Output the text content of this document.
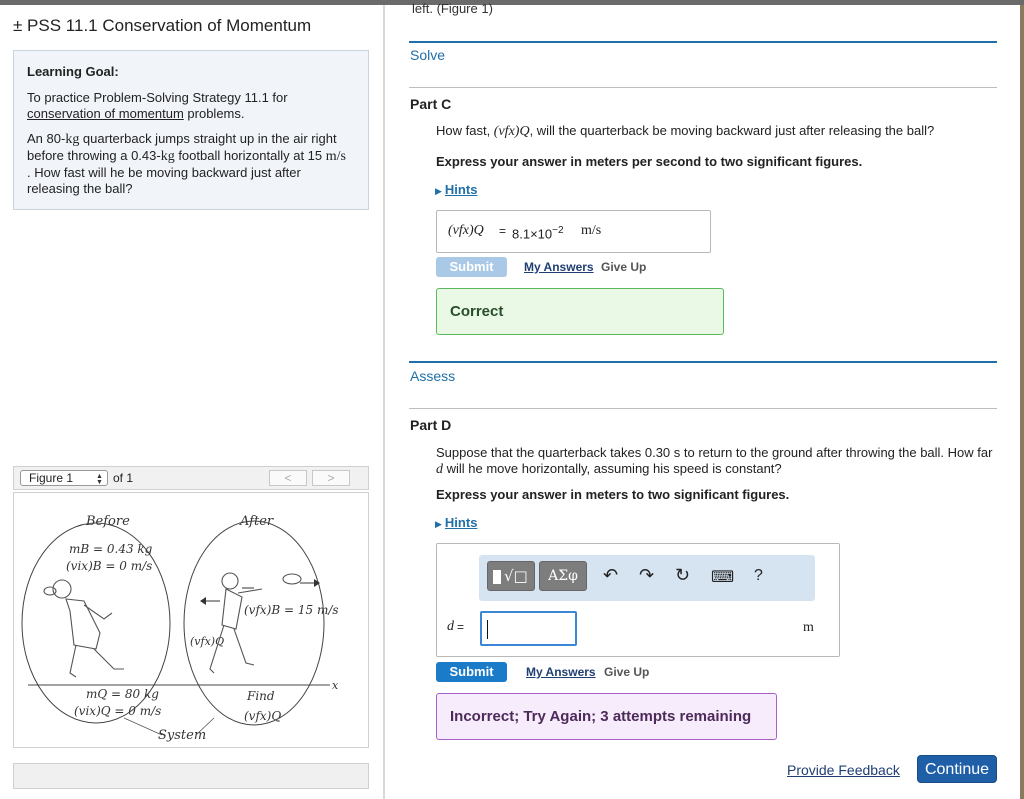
± PSS 11.1 Conservation of Momentum
Learning Goal:

To practice Problem-Solving Strategy 11.1 for
conservation of momentum problems.

An 80-kg quarterback jumps straight up in the air right before throwing a 0.43-kg football horizontally at 15 m/s
. How fast will he be moving backward just after releasing the ball?

Figure 1	▲
▼ of 1	<	>
Before	After
mB = 0.43 kg
(vix)B = 0 m/s
(vfx)B = 15 m/s
(vfx)Q
mQ = 80 kg
(vix)Q = 0 m/s
Find
(vfx)Q
System
x
left. (Figure 1)
Solve
Part C
How fast, (vfx)Q, will the quarterback be moving backward just after releasing the ball?
Express your answer in meters per second to two significant figures.
▶ Hints
$(vfx)Q = 8.1\times 10^{-2}$ m/s
Submit	My Answers Give Up
Correct
Assess
Part D
Suppose that the quarterback takes 0.30 s to return to the ground after throwing the ball. How far
d will he move horizontally, assuming his speed is constant?
Express your answer in meters to two significant figures.
▶ Hints
√□	ΑΣφ	↶ ↷ ↻ ⌨ ?
d =	m
Submit	My Answers Give Up
Incorrect; Try Again; 3 attempts remaining
Provide Feedback	Continue
